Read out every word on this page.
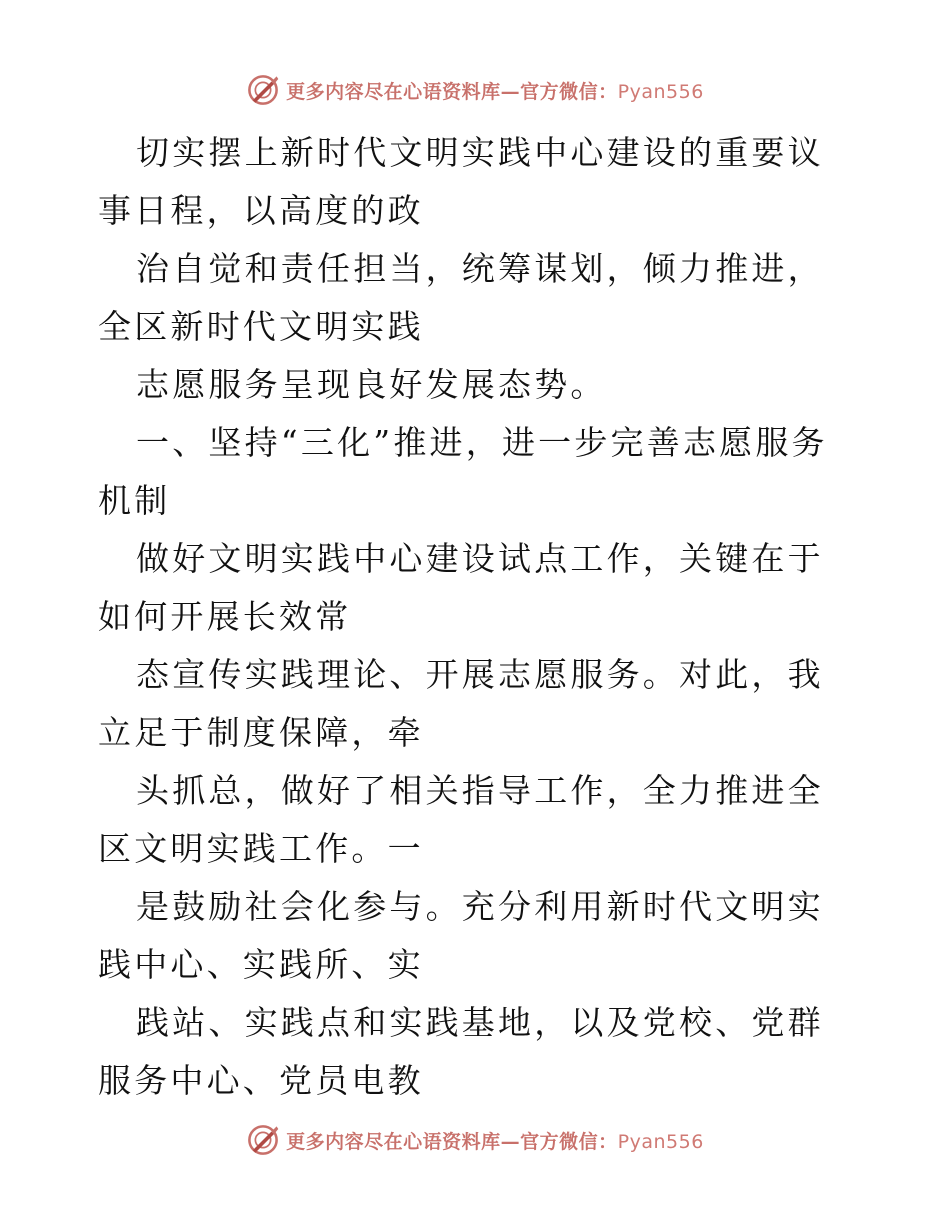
更多内容尽在心语资料库—官方微信：Pyan556

切实摆上新时代文明实践中心建设的重要议事日程，以高度的政

治自觉和责任担当，统筹谋划，倾力推进，全区新时代文明实践

志愿服务呈现良好发展态势。

一、坚持“三化”推进，进一步完善志愿服务机制

做好文明实践中心建设试点工作，关键在于如何开展长效常

态宣传实践理论、开展志愿服务。对此，我立足于制度保障，牵

头抓总，做好了相关指导工作，全力推进全区文明实践工作。一

是鼓励社会化参与。充分利用新时代文明实践中心、实践所、实

践站、实践点和实践基地，以及党校、党群服务中心、党员电教

更多内容尽在心语资料库—官方微信：Pyan556
